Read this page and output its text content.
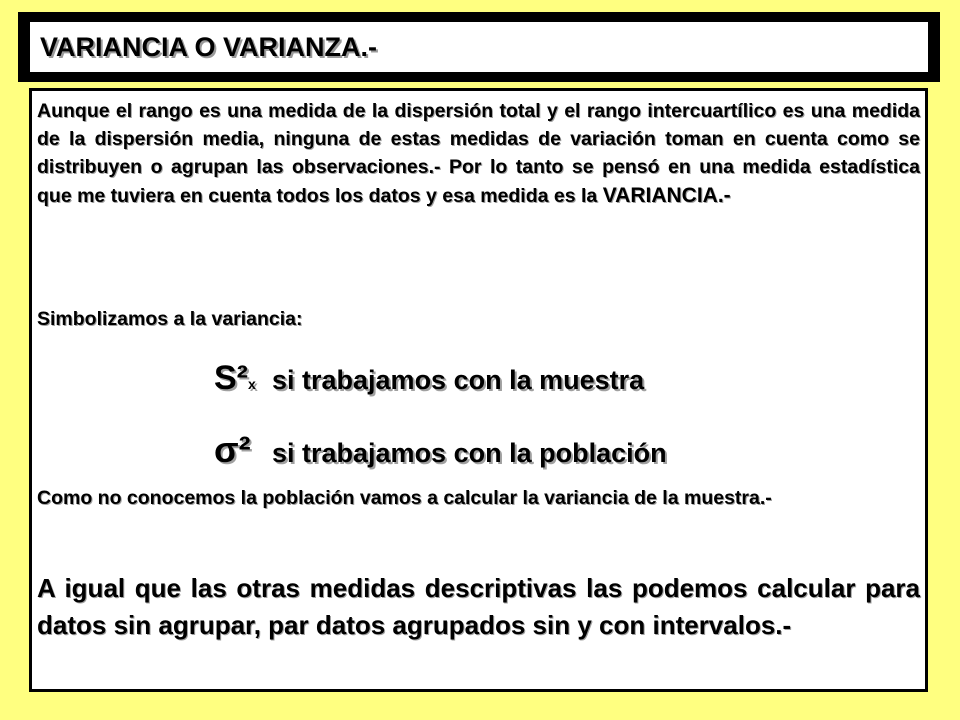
VARIANCIA O VARIANZA.-

Aunque el rango es una medida de la dispersión total y el rango intercuartílico es una medida de la dispersión media, ninguna de estas medidas de variación toman en cuenta como se distribuyen o agrupan las observaciones.- Por lo tanto se pensó en una medida estadística que me tuviera en cuenta todos los datos y esa medida es la VARIANCIA.-

Simbolizamos a la variancia:

S²x si trabajamos con la muestra
σ² si trabajamos con la población

Como no conocemos la población vamos a calcular la variancia de la muestra.-

A igual que las otras medidas descriptivas las podemos calcular para datos sin agrupar, par datos agrupados sin y con intervalos.-
